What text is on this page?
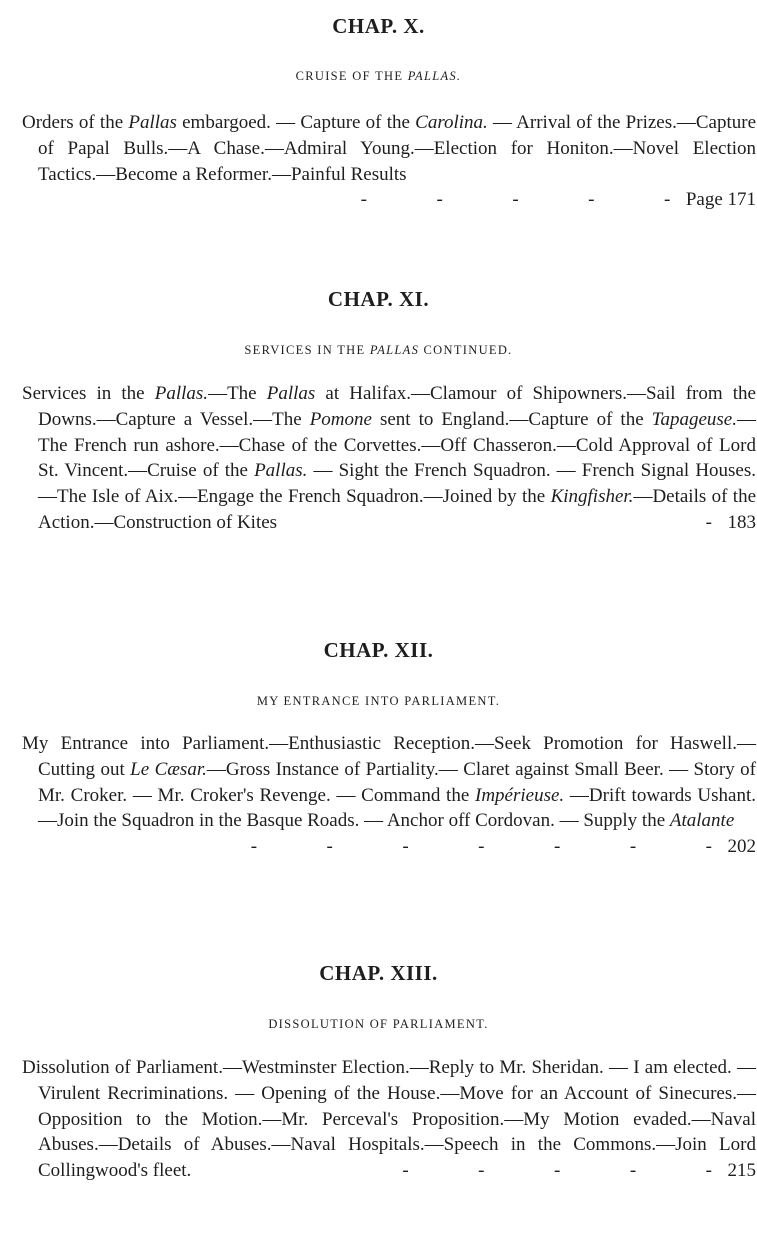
CHAP. X.

CRUISE OF THE PALLAS.

Orders of the Pallas embargoed. — Capture of the Carolina. — Arrival of the Prizes.—Capture of Papal Bulls.—A Chase.—Admiral Young.—Election for Honiton.—Novel Election Tactics.—Become a Reformer.—Painful Results
-          -          -          -          -  Page 171

CHAP. XI.

SERVICES IN THE PALLAS CONTINUED.

Services in the Pallas.—The Pallas at Halifax.—Clamour of Shipowners.—Sail from the Downs.—Capture a Vessel.—The Pomone sent to England.—Capture of the Tapageuse.—The French run ashore.—Chase of the Corvettes.—Off Chasseron.—Cold Approval of Lord St. Vincent.—Cruise of the Pallas. — Sight the French Squadron. — French Signal Houses.—The Isle of Aix.—Engage the French Squadron.—Joined by the Kingfisher.—Details of the Action.—Construction of Kites	-  183

CHAP. XII.

MY ENTRANCE INTO PARLIAMENT.

My Entrance into Parliament.—Enthusiastic Reception.—Seek Promotion for Haswell.—Cutting out Le Cæsar.—Gross Instance of Partiality.— Claret against Small Beer. — Story of Mr. Croker. — Mr. Croker's Revenge. — Command the Impérieuse. —Drift towards Ushant.—Join the Squadron in the Basque Roads. — Anchor off Cordovan. — Supply the Atalante
-          -          -          -          -          -          -  202

CHAP. XIII.

DISSOLUTION OF PARLIAMENT.

Dissolution of Parliament.—Westminster Election.—Reply to Mr. Sheridan. — I am elected. — Virulent Recriminations. — Opening of the House.—Move for an Account of Sinecures.—Opposition to the Motion.—Mr. Perceval's Proposition.—My Motion evaded.—Naval Abuses.—Details of Abuses.—Naval Hospitals.—Speech in the Commons.—Join Lord Collingwood's fleet.	-          -          -          -          -  215
